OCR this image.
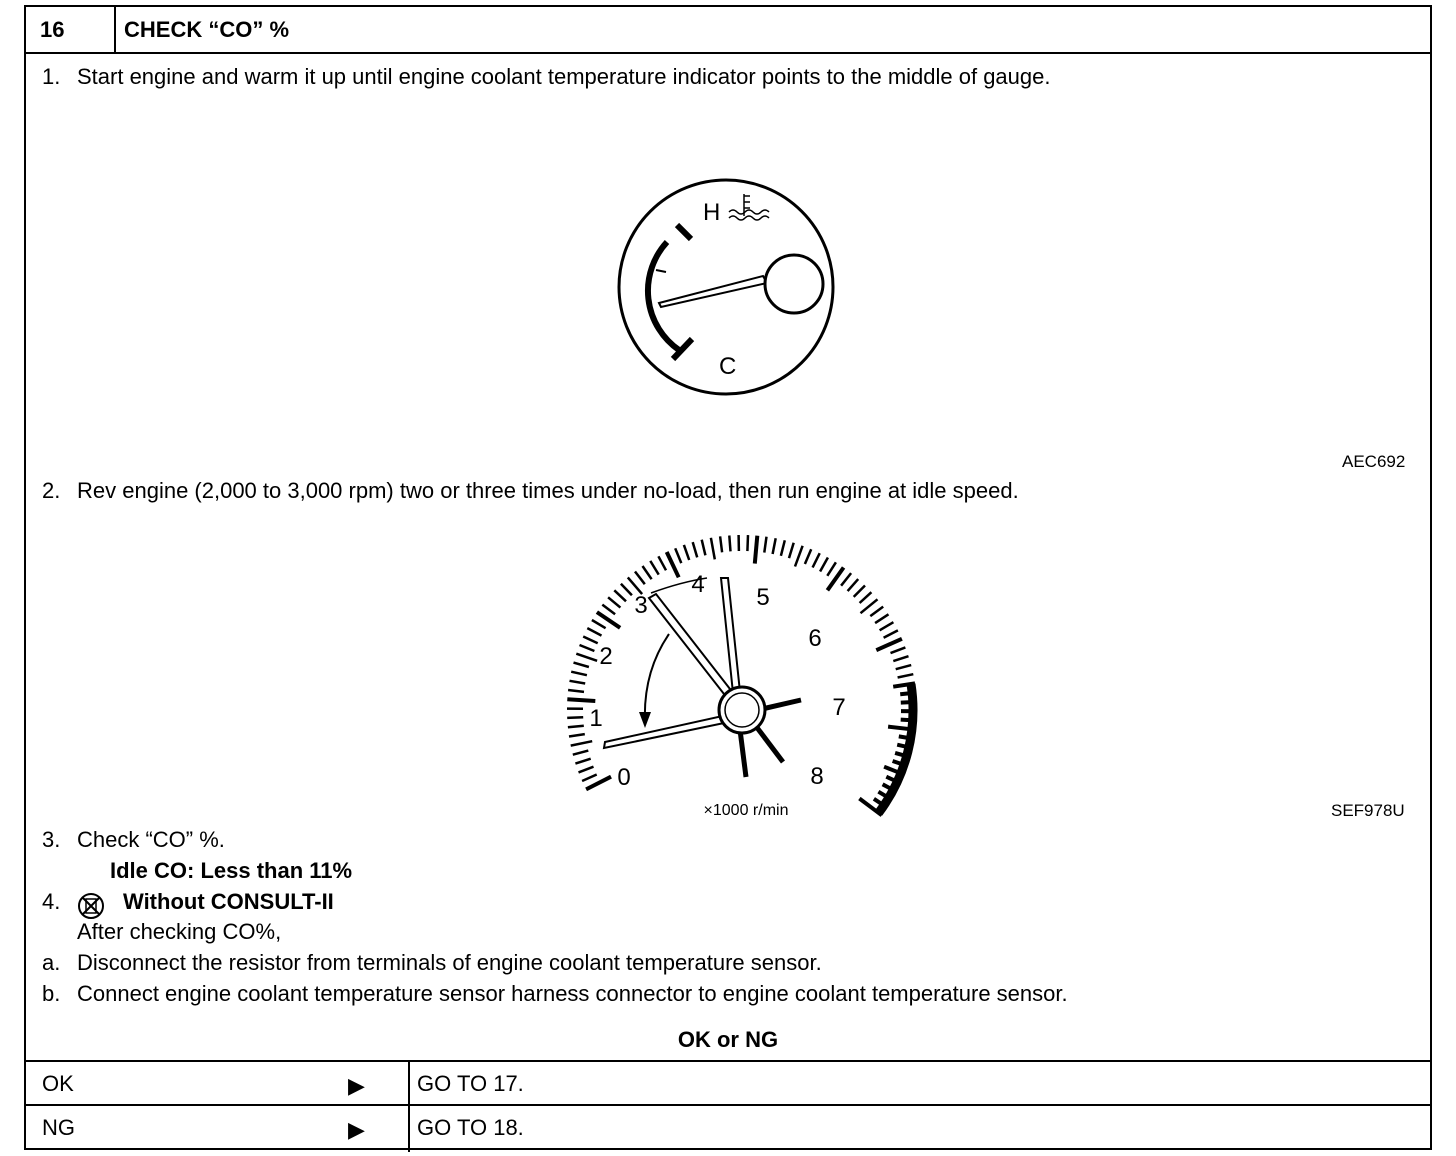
16	CHECK “CO” %
1. Start engine and warm it up until engine coolant temperature indicator points to the middle of gauge.
H
C
AEC692
2. Rev engine (2,000 to 3,000 rpm) two or three times under no-load, then run engine at idle speed.
0
1
2
3
4 5
6
7
8
×1000 r/min	SEF978U
3. Check “CO” %.
Idle CO: Less than 11%
4.	Without CONSULT-II
After checking CO%,
a. Disconnect the resistor from terminals of engine coolant temperature sensor.
b. Connect engine coolant temperature sensor harness connector to engine coolant temperature sensor.
OK or NG
OK	▶ GO TO 17.
NG	▶ GO TO 18.
